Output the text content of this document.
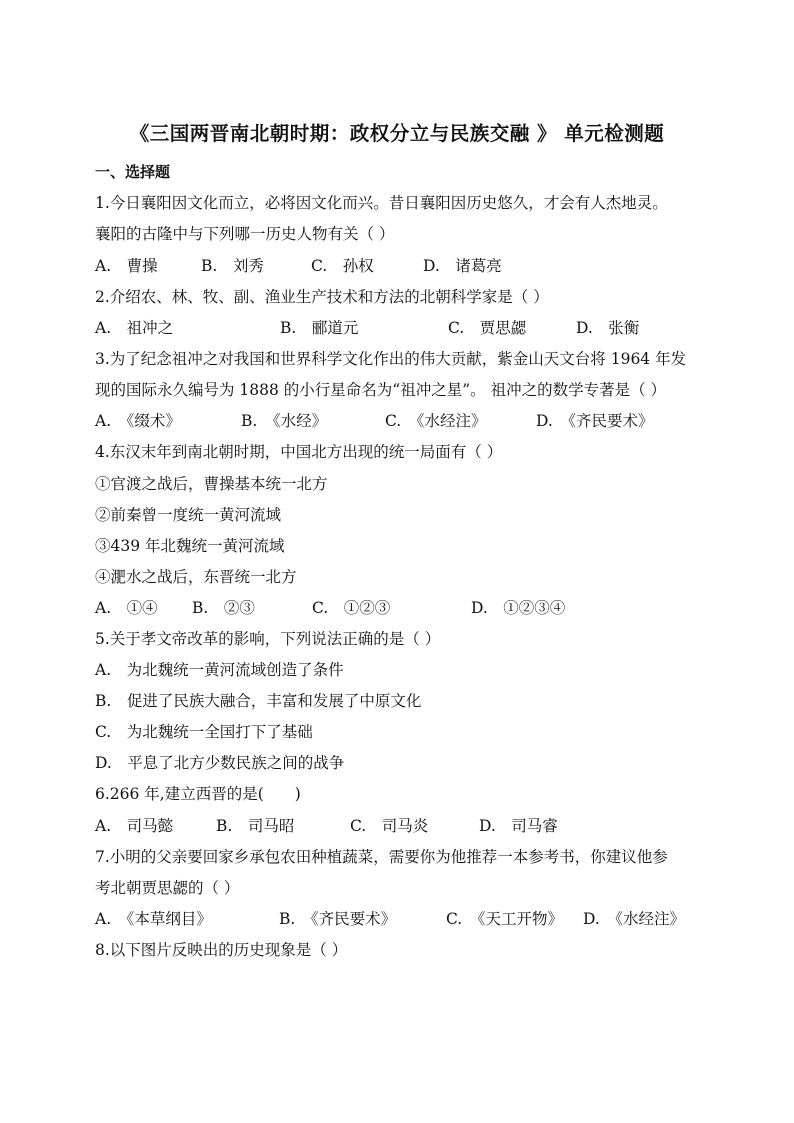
《三国两晋南北朝时期：政权分立与民族交融 》 单元检测题
一、选择题
1.今日襄阳因文化而立，必将因文化而兴。昔日襄阳因历史悠久，才会有人杰地灵。
襄阳的古隆中与下列哪一历史人物有关（ ）
A.　曹操	B.　刘秀	C.　孙权	D.　诸葛亮
2.介绍农、林、牧、副、渔业生产技术和方法的北朝科学家是（ ）
A.　祖冲之	B.　郦道元	C.　贾思勰	D.　张衡
3.为了纪念祖冲之对我国和世界科学文化作出的伟大贡献，紫金山天文台将 1964 年发
现的国际永久编号为 1888 的小行星命名为“祖冲之星”。 祖冲之的数学专著是（ ）
A.　《缀术》	B.　《水经》	C.　《水经注》	D.　《齐民要术》
4.东汉末年到南北朝时期，中国北方出现的统一局面有（ ）
①官渡之战后，曹操基本统一北方
②前秦曾一度统一黄河流域
③439 年北魏统一黄河流域
④淝水之战后，东晋统一北方
A.　①④ B.　②③	C.　①②③	D.　①②③④
5.关于孝文帝改革的影响，下列说法正确的是（ ）
A.　为北魏统一黄河流域创造了条件
B.　促进了民族大融合，丰富和发展了中原文化
C.　为北魏统一全国打下了基础
D.　平息了北方少数民族之间的战争
6.266 年,建立西晋的是(　　)
A.　司马懿	B.　司马昭	C.　司马炎	D.　司马睿
7.小明的父亲要回家乡承包农田种植蔬菜，需要你为他推荐一本参考书，你建议他参
考北朝贾思勰的（ ）
A.　《本草纲目》	B.　《齐民要术》	C.　《天工开物》 D.　《水经注》
8.以下图片反映出的历史现象是（ ）
